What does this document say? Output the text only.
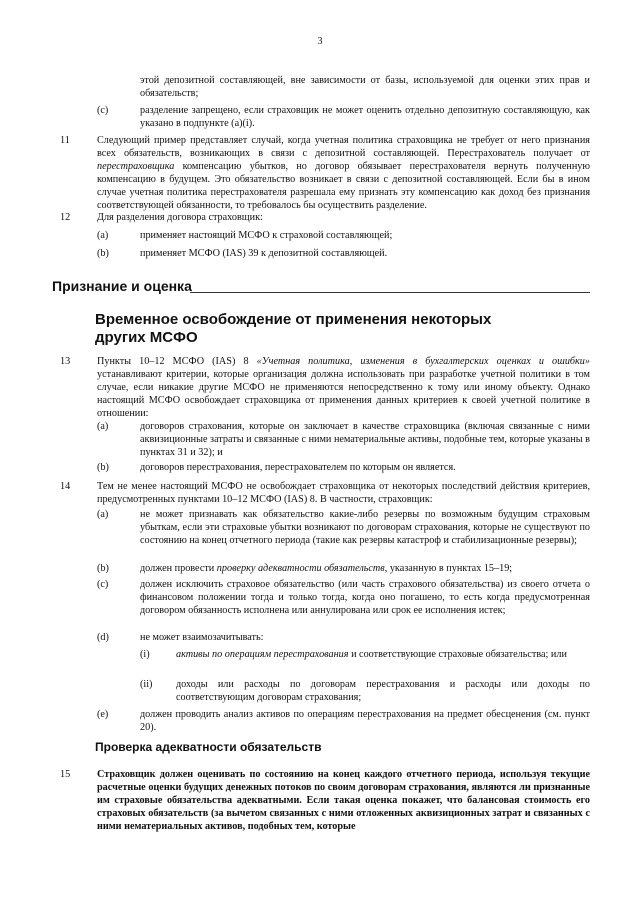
3
этой депозитной составляющей, вне зависимости от базы, используемой для оценки этих прав и обязательств;
(c)	разделение запрещено, если страховщик не может оценить отдельно депозитную составляющую, как указано в подпункте (a)(i).
11	Следующий пример представляет случай, когда учетная политика страховщика не требует от него признания всех обязательств, возникающих в связи с депозитной составляющей. Перестрахователь получает от перестраховщика компенсацию убытков, но договор обязывает перестрахователя вернуть полученную компенсацию в будущем. Это обязательство возникает в связи с депозитной составляющей. Если бы в ином случае учетная политика перестрахователя разрешала ему признать эту компенсацию как доход без признания соответствующей обязанности, то требовалось бы осуществить разделение.
12	Для разделения договора страховщик:
(a)	применяет настоящий МСФО к страховой составляющей;
(b)	применяет МСФО (IAS) 39 к депозитной составляющей.
Признание и оценка
Временное освобождение от применения некоторых других МСФО
13	Пункты 10–12 МСФО (IAS) 8 «Учетная политика, изменения в бухгалтерских оценках и ошибки» устанавливают критерии, которые организация должна использовать при разработке учетной политики в том случае, если никакие другие МСФО не применяются непосредственно к тому или иному объекту. Однако настоящий МСФО освобождает страховщика от применения данных критериев к своей учетной политике в отношении:
(a)	договоров страхования, которые он заключает в качестве страховщика (включая связанные с ними аквизиционные затраты и связанные с ними нематериальные активы, подобные тем, которые указаны в пунктах 31 и 32); и
(b)	договоров перестрахования, перестрахователем по которым он является.
14	Тем не менее настоящий МСФО не освобождает страховщика от некоторых последствий действия критериев, предусмотренных пунктами 10–12 МСФО (IAS) 8. В частности, страховщик:
(a)	не может признавать как обязательство какие-либо резервы по возможным будущим страховым убыткам, если эти страховые убытки возникают по договорам страхования, которые не существуют по состоянию на конец отчетного периода (такие как резервы катастроф и стабилизационные резервы);
(b)	должен провести проверку адекватности обязательств, указанную в пунктах 15–19;
(c)	должен исключить страховое обязательство (или часть страхового обязательства) из своего отчета о финансовом положении тогда и только тогда, когда оно погашено, то есть когда предусмотренная договором обязанность исполнена или аннулирована или срок ее исполнения истек;
(d)	не может взаимозачитывать:
(i)	активы по операциям перестрахования и соответствующие страховые обязательства; или
(ii) доходы или расходы по договорам перестрахования и расходы или доходы по соответствующим договорам страхования;
(e)	должен проводить анализ активов по операциям перестрахования на предмет обесценения (см. пункт 20).
Проверка адекватности обязательств
15	Страховщик должен оценивать по состоянию на конец каждого отчетного периода, используя текущие расчетные оценки будущих денежных потоков по своим договорам страхования, являются ли признанные им страховые обязательства адекватными. Если такая оценка покажет, что балансовая стоимость его страховых обязательств (за вычетом связанных с ними отложенных аквизиционных затрат и связанных с ними нематериальных активов, подобных тем, которые
